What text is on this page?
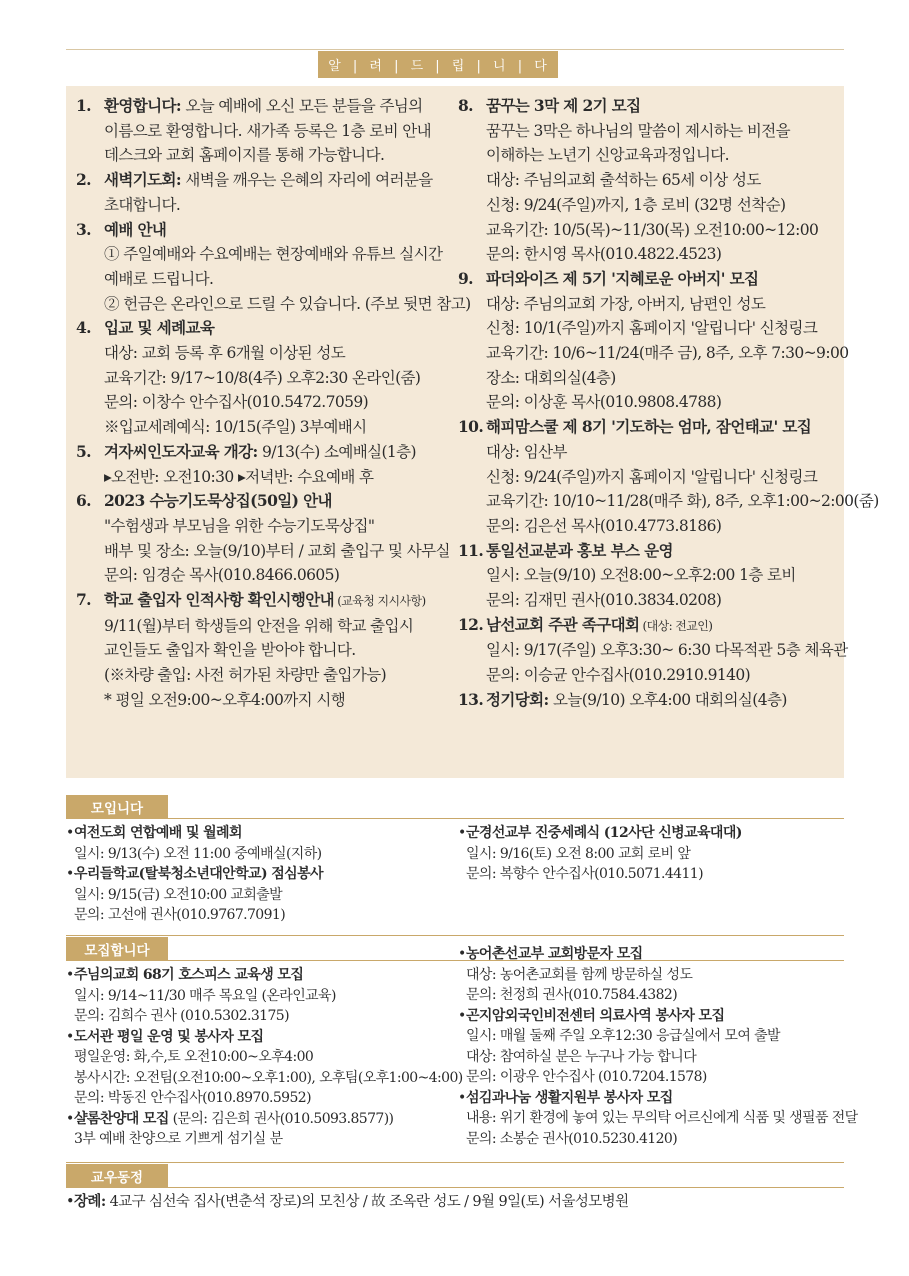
알 | 려 | 드 | 립 | 니 | 다
1. 환영합니다: 오늘 예배에 오신 모든 분들을 주님의
이름으로 환영합니다. 새가족 등록은 1층 로비 안내
데스크와 교회 홈페이지를 통해 가능합니다.
2. 새벽기도회: 새벽을 깨우는 은혜의 자리에 여러분을
초대합니다.
3. 예배 안내
① 주일예배와 수요예배는 현장예배와 유튜브 실시간
예배로 드립니다.
② 헌금은 온라인으로 드릴 수 있습니다. (주보 뒷면 참고)
4. 입교 및 세례교육
대상: 교회 등록 후 6개월 이상된 성도
교육기간: 9/17~10/8(4주) 오후2:30 온라인(줌)
문의: 이창수 안수집사(010.5472.7059)
※입교세례예식: 10/15(주일) 3부예배시
5. 겨자씨인도자교육 개강: 9/13(수) 소예배실(1층)
▸오전반: 오전10:30 ▸저녁반: 수요예배 후
6. 2023 수능기도묵상집(50일) 안내
"수험생과 부모님을 위한 수능기도묵상집"
배부 및 장소: 오늘(9/10)부터 / 교회 출입구 및 사무실
문의: 임경순 목사(010.8466.0605)
7. 학교 출입자 인적사항 확인시행안내 (교육청 지시사항)
9/11(월)부터 학생들의 안전을 위해 학교 출입시
교인들도 출입자 확인을 받아야 합니다.
(※차량 출입: 사전 허가된 차량만 출입가능)
* 평일 오전9:00~오후4:00까지 시행
8. 꿈꾸는 3막 제 2기 모집
꿈꾸는 3막은 하나님의 말씀이 제시하는 비전을
이해하는 노년기 신앙교육과정입니다.
대상: 주님의교회 출석하는 65세 이상 성도
신청: 9/24(주일)까지, 1층 로비 (32명 선착순)
교육기간: 10/5(목)~11/30(목) 오전10:00~12:00
문의: 한시영 목사(010.4822.4523)
9. 파더와이즈 제 5기 '지혜로운 아버지' 모집
대상: 주님의교회 가장, 아버지, 남편인 성도
신청: 10/1(주일)까지 홈페이지 '알립니다' 신청링크
교육기간: 10/6~11/24(매주 금), 8주, 오후 7:30~9:00
장소: 대회의실(4층)
문의: 이상훈 목사(010.9808.4788)
10. 해피맘스쿨 제 8기 '기도하는 엄마, 잠언태교' 모집
대상: 임산부
신청: 9/24(주일)까지 홈페이지 '알립니다' 신청링크
교육기간: 10/10~11/28(매주 화), 8주, 오후1:00~2:00(줌)
문의: 김은선 목사(010.4773.8186)
11. 통일선교분과 홍보 부스 운영
일시: 오늘(9/10) 오전8:00~오후2:00 1층 로비
문의: 김재민 권사(010.3834.0208)
12. 남선교회 주관 족구대회 (대상: 전교인)
일시: 9/17(주일) 오후3:30~ 6:30 다목적관 5층 체육관
문의: 이승균 안수집사(010.2910.9140)
13. 정기당회: 오늘(9/10) 오후4:00 대회의실(4층)
모입니다
•여전도회 연합예배 및 월례회
일시: 9/13(수) 오전 11:00 중예배실(지하)
•우리들학교(탈북청소년대안학교) 점심봉사
일시: 9/15(금) 오전10:00 교회출발
문의: 고선애 권사(010.9767.7091)
•군경선교부 진중세례식 (12사단 신병교육대대)
일시: 9/16(토) 오전 8:00 교회 로비 앞
문의: 복향수 안수집사(010.5071.4411)
모집합니다
•주님의교회 68기 호스피스 교육생 모집
일시: 9/14~11/30 매주 목요일 (온라인교육)
문의: 김희수 권사 (010.5302.3175)
•도서관 평일 운영 및 봉사자 모집
평일운영: 화,수,토 오전10:00~오후4:00
봉사시간: 오전팀(오전10:00~오후1:00), 오후팀(오후1:00~4:00)
문의: 박동진 안수집사(010.8970.5952)
•샬롬찬양대 모집 (문의: 김은희 권사(010.5093.8577))
3부 예배 찬양으로 기쁘게 섬기실 분
•농어촌선교부 교회방문자 모집
대상: 농어촌교회를 함께 방문하실 성도
문의: 천정희 권사(010.7584.4382)
•곤지암외국인비전센터 의료사역 봉사자 모집
일시: 매월 둘째 주일 오후12:30 응급실에서 모여 출발
대상: 참여하실 분은 누구나 가능 합니다
문의: 이광우 안수집사 (010.7204.1578)
•섬김과나눔 생활지원부 봉사자 모집
내용: 위기 환경에 놓여 있는 무의탁 어르신에게 식품 및 생필품 전달
문의: 소봉순 권사(010.5230.4120)
교우동정
•장례: 4교구 심선숙 집사(변춘석 장로)의 모친상 / 故 조옥란 성도 / 9월 9일(토) 서울성모병원
